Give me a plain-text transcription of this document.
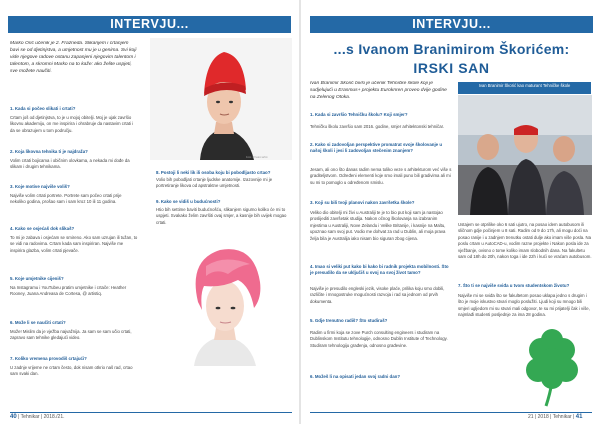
INTERVJU...
Marko Orić učenik je 2. Frazneda. Slikanjem i crtanjem bavi se od djetinjstva, a umjetnost mu je u genima. Svi koji vide njegove radove ostanu zapanjeni njegovim talentom i talentom, a skromni Marko na to kaže: ako želite uspjeti, sve možete naučiti.
Foto: Privatni arhiv
1. Kada si počeo slikati i crtati?
Crtam još od djetinjstva, to je u mojoj obitelji. Moj je ujak završio likovnu akademiju, on me inspirira i ohrabruje da nastavim crtati i da se obrazujem u tom području.
2. Koja likovna tehnika ti je najdraža?
Volim crtati bojicama i običnim olovkama, a nekada mi dođe da slikam i drugim tehnikama.
3. Koje motive najviše voliš?
Najviše volim crtati portrete. Portrete sam počeo crtati prije nekoliko godina, prošao sam i sam kroz 10 ili 11 godina.
4. Kako se osjećaš dok slikaš?
To mi je zabava i osjećam se smireno. Ako sam uzrujan ili tužan, to se vidi na radovima. Crtam kada sam inspiriran. Najviše me inspirira glazba, volim crtati pjevače.
5. Koje umjetnike cijeniš?
Na Instagramu i YouTubeu pratim umjetnike i crtače: Heather Rooney, Juana Andreasa de Cortesa, @ artistiq.
6. Može li se naučiti crtati?
Može! Mislim da je vježba najvažnija. Ja sam se sam učio crtati, zapravo sam tehnike gledajući video.
7. Koliko vremena provodiš crtajući?
U zadnje vrijeme ne crtam često, dok nisam otkrio naš rad, crtao sam svaki dan.
8. Postoji li neki lik ili osoba koju bi pobodljasto crtao?
Volio bih pobodljati crtanje ljudske anatomije. Izazovnije mi je portretiranje likova od apstraktne umjetnosti.
9. Kako se vidiš u budućnosti?
Htio bih settime baviti budućnošću, slikanjem sigurno koliko će mi to uspjeti. Svakako želim završiti ovaj smjer, a kasnije bih uvijek mogao crtati.
40 | Tehnikar | 2018./21.
INTERVJU...
...s Ivanom Branimirom Škorićem:
IRSKI SAN
Ivan Branimir Škorić bivši je učenik Tehničke škole koji je sudjelujući u Erasmus+ projektu Euroknren proveo dvije godine na Zelenog Otoka.
Ivan Branimir Škorić kao maturant Tehničke škole
1. Kada si završio Tehničku školu? Koji smjer?
Tehničku školu završio sam 2016. godine, smjer arhitektonski tehničar.
2. Kako si zadovoljan perspektive promatrat svoje školovanje u našoj školi i jesi li zadovoljan stečenim znanjem?
Jesam, ali ono što danas radim nema toliko veze s arhitekturom već više s graditeljstvom. Određeni elementi koje smo imali puno bili gradivima ali mi su mi to pomoglo u određenom smislu.
3. Koji su bili tvoji planovi nakon završetka škole?
Veliko dio obitelji mi živi u Australiji te je to bio put koji sam ja nastojao proslijediti završetak studija. Nakon očnog školovanja na izabranim mjestima u Australiji, Nove Zelandu i Velike Britanije, i kasnije na Maltu, upoznao sam svoj put. Vodio me dohvat za rad u Dublin, ali moja prava želja bila je Australija iako nisam bio siguran zbog cijena.
4. Imao si veliki put kako bi kako bi radnik projekta mobilnosti. Što je presudilo da se uključiš u svoj na svoj život tamo?
Najviše je presudilo engleski jezik, visoke plaće, prilika koju smo dobili, različite i mnogostruke mogućnosti razvoja i rad sa jednom od prvih dokumenta.
5. Gdje trenutno radiš? Što studiraš?
Radim u firmi koja se zove Purch consulting engineers i studiram na Dublinskom Institutu tehnologije, odnosno Dublin Institute of Technology. Studiram tehnologiju građenja, odnosno građevine.
6. Možeš li na opisati jedan svoj radni dan?
Ustajem se otprilike oko 6 sati ujutro, na posao idem autobusom ili sličnom gdje počinjem u 8 sati. Radim od 9 do 17h, ali mogu doći na posao ranije i u zadnjem trenutku ostati dulje ako imam više posla. Na poslu crtam u AutoCAD-u, vodim razne projekte i Nakon posla ide za vježbanje, ovisno o tome koliko imam slobodnih dana. Na fakultetu sam od 18h do 20h, nakon toga i ide 22h i kući se vraćam autobusom.
7. Što ti se najviše sviđa u tvom studentskom životu?
Najviše mi se sviđa što se fakultetom posao uklapa jedno s drugim i što je moje iskustvo stvari moglo poslužiti. Ljudi koji su mnogo bili smjeri ugljedom mi su stvari mali odgovor, te su mi prijatelji čak i više, najmlađi studenti posljednje za ima 28 godina.
21 | 2018 | Tehnikar | 41
